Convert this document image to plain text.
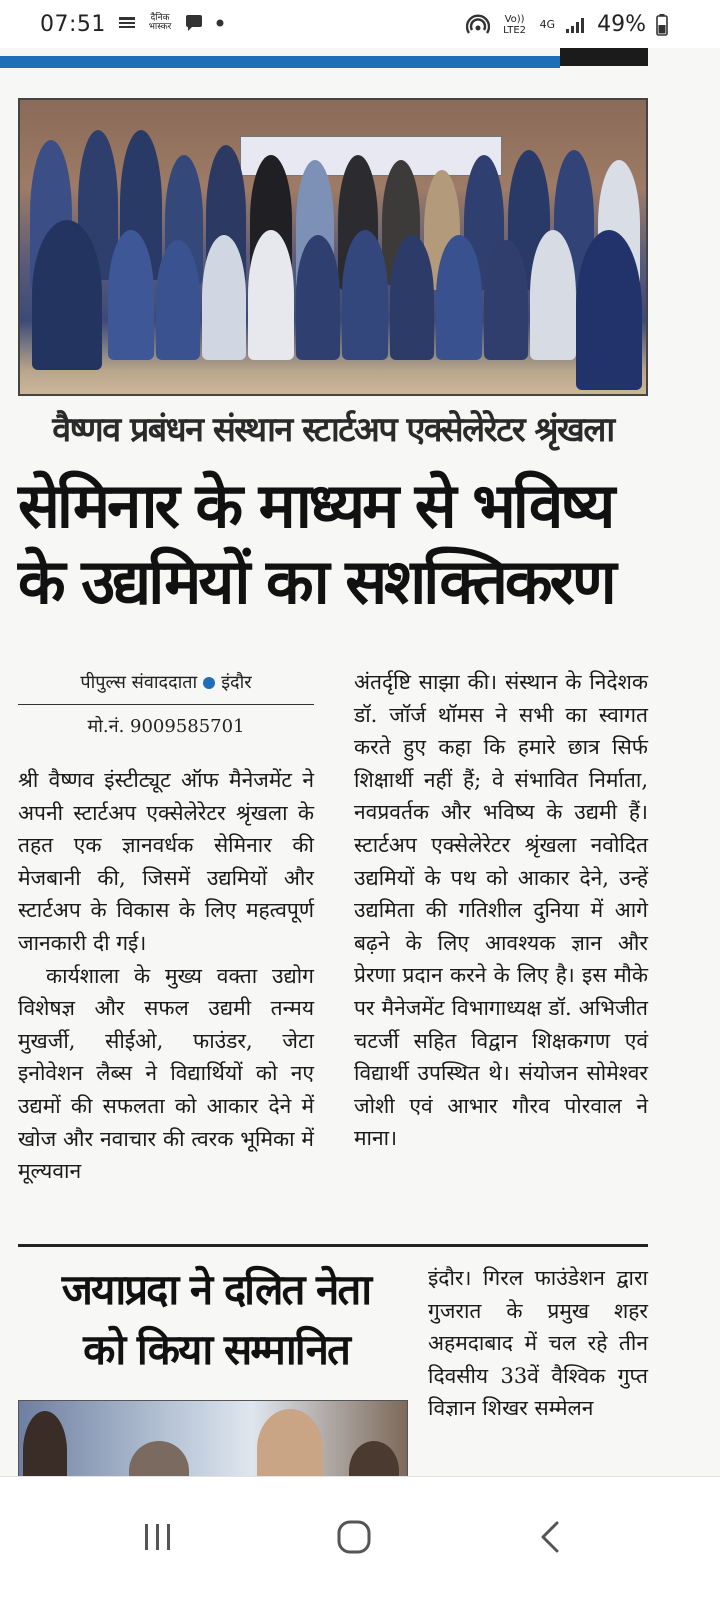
07:51	दैनिक भास्कर
Vo)) LTE2	4G 49%
वैष्णव प्रबंधन संस्थान स्टार्टअप एक्सेलेरेटर श्रृंखला
सेमिनार के माध्यम से भविष्य
के उद्यमियों का सशक्तिकरण
पीपुल्स संवाददाता इंदौर
मो.नं. 9009585701

श्री वैष्णव इंस्टीट्यूट ऑफ मैनेजमेंट ने अपनी स्टार्टअप एक्सेलेरेटर श्रृंखला के तहत एक ज्ञानवर्धक सेमिनार की मेजबानी की, जिसमें उद्यमियों और स्टार्टअप के विकास के लिए महत्वपूर्ण जानकारी दी गई।

कार्यशाला के मुख्य वक्ता उद्योग विशेषज्ञ और सफल उद्यमी तन्मय मुखर्जी, सीईओ, फाउंडर, जेटा इनोवेशन लैब्स ने विद्यार्थियों को नए उद्यमों की सफलता को आकार देने में खोज और नवाचार की त्वरक भूमिका में मूल्यवान

अंतर्दृष्टि साझा की। संस्थान के निदेशक डॉ. जॉर्ज थॉमस ने सभी का स्वागत करते हुए कहा कि हमारे छात्र सिर्फ शिक्षार्थी नहीं हैं; वे संभावित निर्माता, नवप्रवर्तक और भविष्य के उद्यमी हैं। स्टार्टअप एक्सेलेरेटर श्रृंखला नवोदित उद्यमियों के पथ को आकार देने, उन्हें उद्यमिता की गतिशील दुनिया में आगे बढ़ने के लिए आवश्यक ज्ञान और प्रेरणा प्रदान करने के लिए है। इस मौके पर मैनेजमेंट विभागाध्यक्ष डॉ. अभिजीत चटर्जी सहित विद्वान शिक्षकगण एवं विद्यार्थी उपस्थित थे। संयोजन सोमेश्वर जोशी एवं आभार गौरव पोरवाल ने माना।

जयाप्रदा ने दलित नेता
को किया सम्मानित

इंदौर। गिरल फाउंडेशन द्वारा गुजरात के प्रमुख शहर अहमदाबाद में चल रहे तीन दिवसीय 33वें वैश्विक गुप्त विज्ञान शिखर सम्मेलन
